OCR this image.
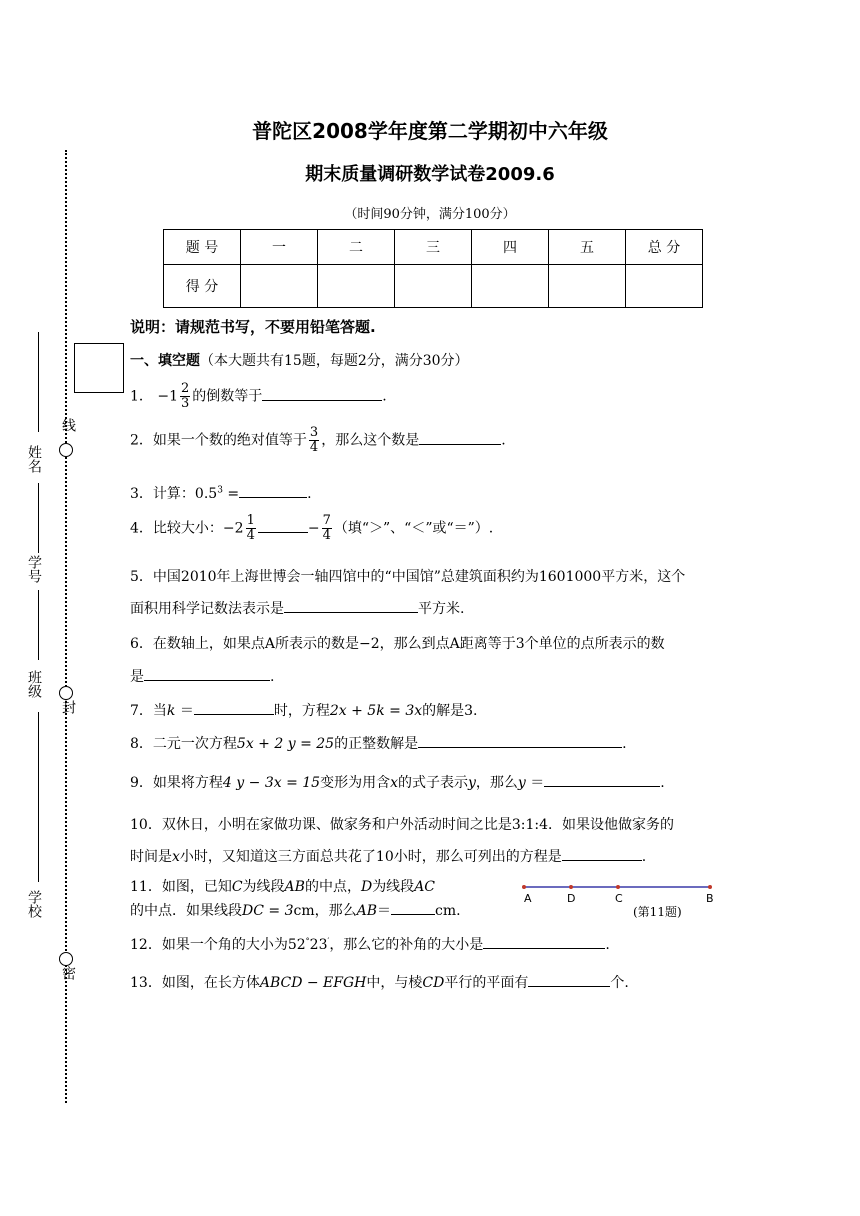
线
封
密
姓名
学号
班级
学校
普陀区2008学年度第二学期初中六年级
期末质量调研数学试卷2009.6
（时间90分钟，满分100分）
题 号	一	二	三	四	五	总 分
得 分						
说明：请规范书写，不要用铅笔答题.
一、填空题（本大题共有15题，每题2分，满分30分）
1． $-1 \frac{2}{3}$ 的倒数等于	.
2．如果一个数的绝对值等于 $\frac{3}{4}$ ，那么这个数是	.
3．计算：$0.5^3$ =	.
4．比较大小：$-2 \frac{1}{4}$	− $\frac{7}{4}$ （填“＞”、“＜”或“＝”）.
5．中国2010年上海世博会一轴四馆中的“中国馆”总建筑面积约为1601000平方米，这个
面积用科学记数法表示是	平方米.
6．在数轴上，如果点A所表示的数是−2，那么到点A距离等于3个单位的点所表示的数
是	.
7．当k ＝	时，方程2x + 5k = 3x的解是3.
8．二元一次方程5x + 2 y = 25的正整数解是	.
9．如果将方程4 y − 3x = 15变形为用含x的式子表示y，那么y ＝	.
10．双休日，小明在家做功课、做家务和户外活动时间之比是3:1:4．如果设他做家务的
时间是x小时，又知道这三方面总共花了10小时，那么可列出的方程是	.
11．如图，已知C为线段AB的中点，D为线段AC
的中点．如果线段DC = 3cm，那么AB＝	cm.
A	D	C	B
(第11题)
12．如果一个角的大小为52°23′，那么它的补角的大小是	.
13．如图，在长方体ABCD − EFGH中，与棱CD平行的平面有	个.
